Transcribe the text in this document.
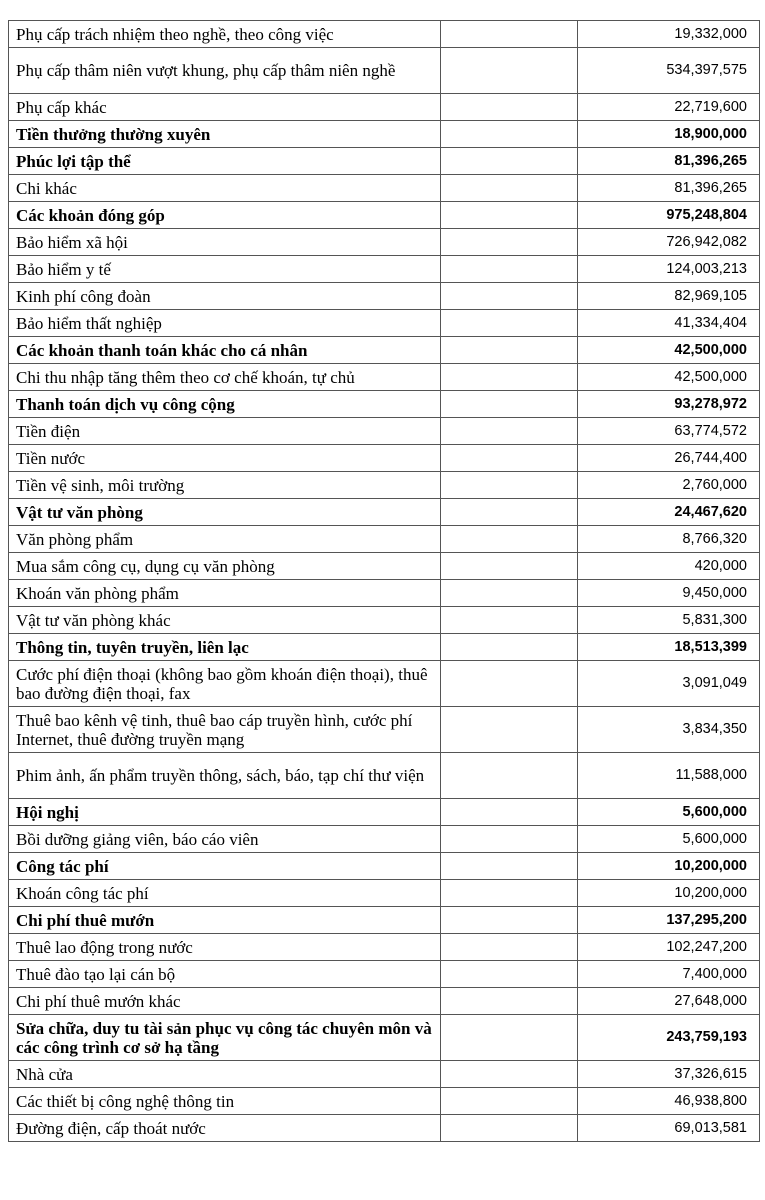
Phụ cấp trách nhiệm theo nghề, theo công việc		19,332,000
Phụ cấp thâm niên vượt khung, phụ cấp thâm niên nghề		534,397,575
Phụ cấp khác		22,719,600
Tiền thưởng thường xuyên		18,900,000
Phúc lợi tập thể		81,396,265
Chi khác		81,396,265
Các khoản đóng góp		975,248,804
Bảo hiểm xã hội		726,942,082
Bảo hiểm y tế		124,003,213
Kinh phí công đoàn		82,969,105
Bảo hiểm thất nghiệp		41,334,404
Các khoản thanh toán khác cho cá nhân		42,500,000
Chi thu nhập tăng thêm theo cơ chế khoán, tự chủ		42,500,000
Thanh toán dịch vụ công cộng		93,278,972
Tiền điện		63,774,572
Tiền nước		26,744,400
Tiền vệ sinh, môi trường		2,760,000
Vật tư văn phòng		24,467,620
Văn phòng phẩm		8,766,320
Mua sắm công cụ, dụng cụ văn phòng		420,000
Khoán văn phòng phẩm		9,450,000
Vật tư văn phòng khác		5,831,300
Thông tin, tuyên truyền, liên lạc		18,513,399
Cước phí điện thoại (không bao gồm khoán điện thoại), thuê bao đường điện thoại, fax		3,091,049
Thuê bao kênh vệ tinh, thuê bao cáp truyền hình, cước phí Internet, thuê đường truyền mạng		3,834,350
Phim ảnh, ấn phẩm truyền thông, sách, báo, tạp chí thư viện		11,588,000
Hội nghị		5,600,000
Bồi dưỡng giảng viên, báo cáo viên		5,600,000
Công tác phí		10,200,000
Khoán công tác phí		10,200,000
Chi phí thuê mướn		137,295,200
Thuê lao động trong nước		102,247,200
Thuê đào tạo lại cán bộ		7,400,000
Chi phí thuê mướn khác		27,648,000
Sửa chữa, duy tu tài sản phục vụ công tác chuyên môn và các công trình cơ sở hạ tầng		243,759,193
Nhà cửa		37,326,615
Các thiết bị công nghệ thông tin		46,938,800
Đường điện, cấp thoát nước		69,013,581
